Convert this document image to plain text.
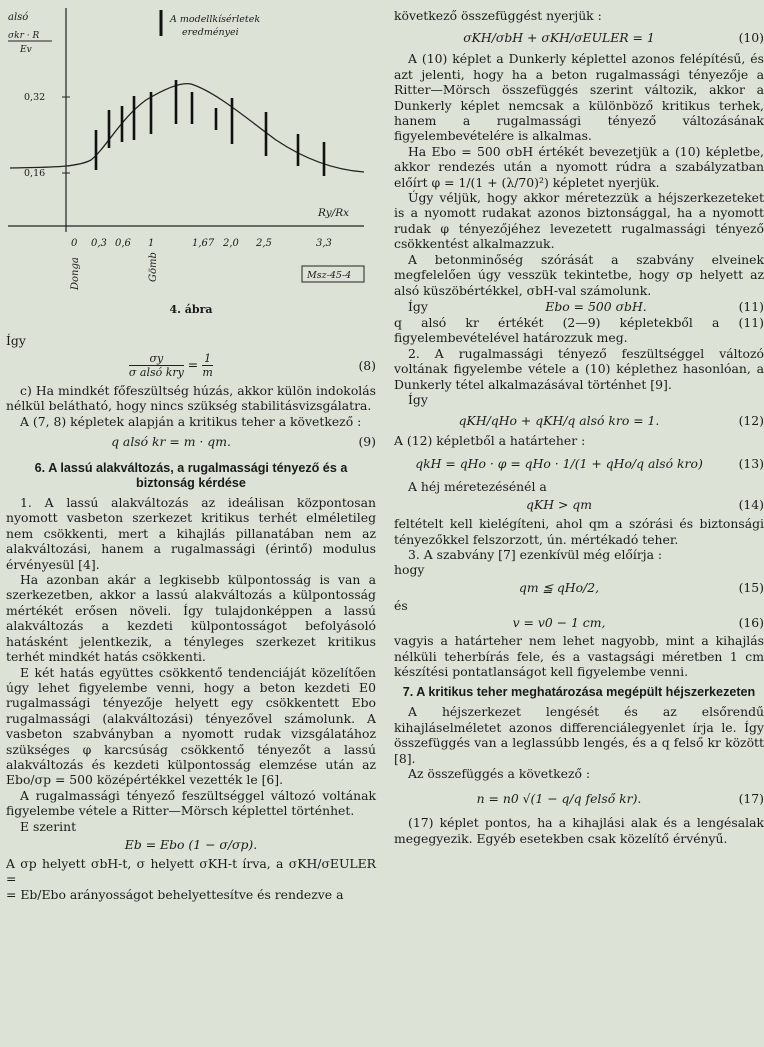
alsó
σkr · R
Ev
A modellkísérletek
eredményei
0,32
0,16
Ry/Rx
0 0,3 0,6 1	1,67 2,0 2,5	3,3
Donga	Gömb	Msz-45-4
4. ábra

Így

$\frac{\sigma y}{\text{σ alsó kry}} = \frac{1}{m}$	(8)

c) Ha mindkét főfeszültség húzás, akkor külön indokolás nélkül belátható, hogy nincs szükség stabilitásvizsgálatra.

A (7, 8) képletek alapján a kritikus teher a következő :

q alsó kr = m · qm.	(9)
6. A lassú alakváltozás, a rugalmassági tényező és a biztonság kérdése

1. A lassú alakváltozás az ideálisan központosan nyomott vasbeton szerkezet kritikus terhét elméletileg nem csökkenti, mert a kihajlás pillanatában nem az alakváltozási, hanem a rugalmassági (érintő) modulus érvényesül [4].

Ha azonban akár a legkisebb külpontosság is van a szerkezetben, akkor a lassú alakváltozás a külpontosság mértékét erősen növeli. Így tulajdonképpen a lassú alakváltozás a kezdeti külpontosságot befolyásoló hatásként jelentkezik, a tényleges szerkezet kritikus terhét mindkét hatás csökkenti.

E két hatás együttes csökkentő tendenciáját közelítően úgy lehet figyelembe venni, hogy a beton kezdeti E0 rugalmassági tényezője helyett egy csökkentett Ebo rugalmassági (alakváltozási) tényezővel számolunk. A vasbeton szabványban a nyomott rudak vizsgálatához szükséges φ karcsúság csökkentő tényezőt a lassú alakváltozás és kezdeti külpontosság elemzése után az Ebo/σp = 500 középértékkel vezették le [6].

A rugalmassági tényező feszültséggel változó voltának figyelembe vétele a Ritter—Mörsch képlettel történhet.

E szerint

Eb = Ebo (1 − σ/σp).

A σp helyett σbH-t, σ helyett σKH-t írva, a σKH/σEULER =

= Eb/Ebo arányosságot behelyettesítve és rendezve a

következő összefüggést nyerjük :

σKH/σbH + σKH/σEULER = 1	(10)

A (10) képlet a Dunkerly képlettel azonos felépítésű, és azt jelenti, hogy ha a beton rugalmassági tényezője a Ritter—Mörsch összefüggés szerint változik, akkor a Dunkerly képlet nemcsak a különböző kritikus terhek, hanem a rugalmassági tényező változásának figyelembevételére is alkalmas.

Ha Ebo = 500 σbH értékét bevezetjük a (10) képletbe, akkor rendezés után a nyomott rúdra a szabályzatban előírt φ = 1/(1 + (λ/70)²) képletet nyerjük.

Úgy véljük, hogy akkor méretezzük a héjszerkezeteket is a nyomott rudakat azonos biztonsággal, ha a nyomott rudak φ tényezőjéhez levezetett rugalmassági tényező csökkentést alkalmazzuk.

A betonminőség szórását a szabvány elveinek megfelelően úgy vesszük tekintetbe, hogy σp helyett az alsó küszöbértékkel, σbH-val számolunk.

Így	Ebo = 500 σbH.	(11)

q alsó kr értékét (2—9) képletekből a (11) figyelembevételével határozzuk meg.

2. A rugalmassági tényező feszültséggel változó voltának figyelembe vétele a (10) képlethez hasonlóan, a Dunkerly tétel alkalmazásával történhet [9].

Így

qKH/qHo + qKH/q alsó kro = 1.	(12)

A (12) képletből a határteher :

qkH = qHo · φ = qHo · 1/(1 + qHo/q alsó kro)	(13)

A héj méretezésénél a

qKH > qm	(14)

feltételt kell kielégíteni, ahol qm a szórási és biztonsági tényezőkkel felszorzott, ún. mértékadó teher.

3. A szabvány [7] ezenkívül még előírja :

hogy

qm ≦ qHo/2,	(15)

és

v = v0 − 1 cm,	(16)

vagyis a határteher nem lehet nagyobb, mint a kihajlás nélküli teherbírás fele, és a vastagsági méretben 1 cm készítési pontatlanságot kell figyelembe venni.

7. A kritikus teher meghatározása megépült héjszerkezeten

A héjszerkezet lengését és az elsőrendű kihajláselméletet azonos differenciálegyenlet írja le. Így összefüggés van a leglassúbb lengés, és a q felső kr között [8].

Az összefüggés a következő :

n = n0 √(1 − q/q felső kr).	(17)

(17) képlet pontos, ha a kihajlási alak és a lengésalak megegyezik. Egyéb esetekben csak közelítő érvényű.
